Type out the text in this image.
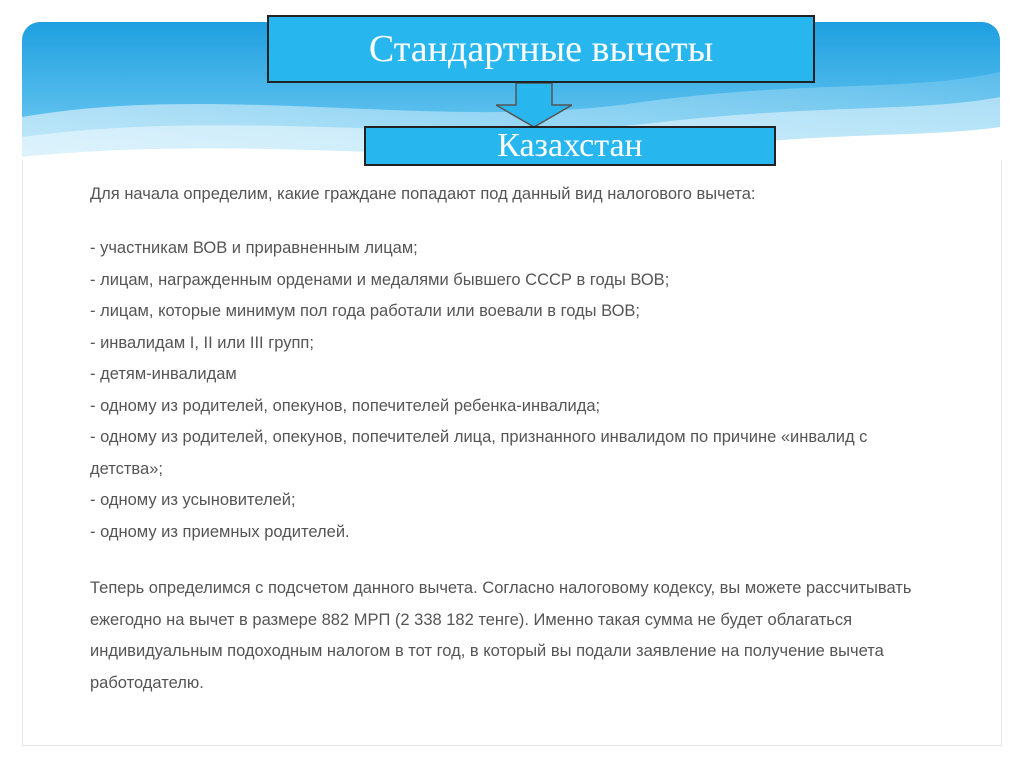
Стандартные вычеты
Казахстан
Для начала определим, какие граждане попадают под данный вид налогового вычета:
- участникам ВОВ и приравненным лицам;
- лицам, награжденным орденами и медалями бывшего СССР в годы ВОВ;
- лицам, которые минимум пол года работали или воевали в годы ВОВ;
- инвалидам I, II или III групп;
- детям-инвалидам
- одному из родителей, опекунов, попечителей ребенка-инвалида;
- одному из родителей, опекунов, попечителей лица, признанного инвалидом по причине «инвалид с
детства»;
- одному из усыновителей;
- одному из приемных родителей.
Теперь определимся с подсчетом данного вычета. Согласно налоговому кодексу, вы можете рассчитывать
ежегодно на вычет в размере 882 МРП (2 338 182 тенге). Именно такая сумма не будет облагаться
индивидуальным подоходным налогом в тот год, в который вы подали заявление на получение вычета
работодателю.
